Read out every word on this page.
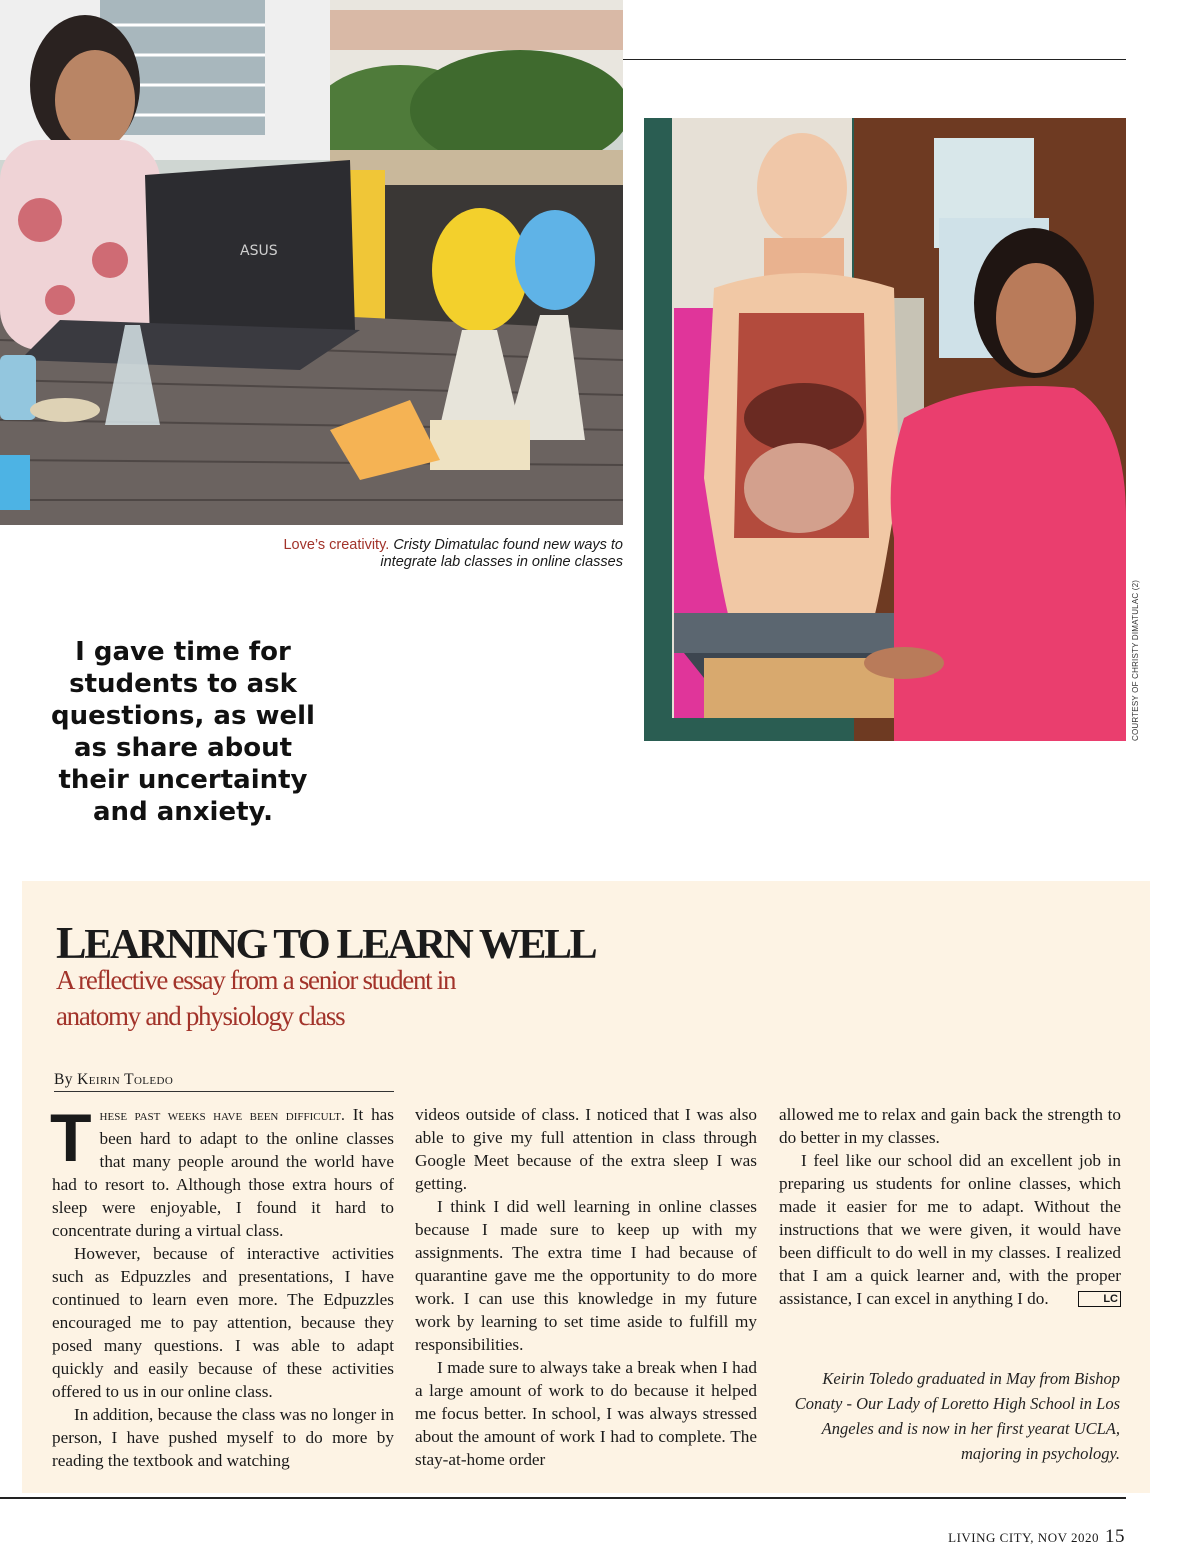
ASUS
Love’s creativity. Cristy Dimatulac found new ways to integrate lab classes in online classes
COURTESY OF CHRISTY DIMATULAC (2)
I gave time for students to ask questions, as well as share about their uncertainty and anxiety.
LEARNING TO LEARN WELL
A reflective essay from a senior student in anatomy and physiology class
By Keirin Toledo

These past weeks have been difficult. It has been hard to adapt to the online classes that many people around the world have had to resort to. Although those extra hours of sleep were enjoyable, I found it hard to concentrate during a virtual class.

However, because of interactive activities such as Edpuzzles and presentations, I have continued to learn even more. The Edpuzzles encouraged me to pay attention, because they posed many questions. I was able to adapt quickly and easily because of these activities offered to us in our online class.

In addition, because the class was no longer in person, I have pushed myself to do more by reading the textbook and watching

videos outside of class. I noticed that I was also able to give my full attention in class through Google Meet because of the extra sleep I was getting.

I think I did well learning in online classes because I made sure to keep up with my assignments. The extra time I had because of quarantine gave me the opportunity to do more work. I can use this knowledge in my future work by learning to set time aside to fulfill my responsibilities.

I made sure to always take a break when I had a large amount of work to do because it helped me focus better. In school, I was always stressed about the amount of work I had to complete. The stay-at-home order

allowed me to relax and gain back the strength to do better in my classes.

I feel like our school did an excellent job in preparing us students for online classes, which made it easier for me to adapt. Without the instructions that we were given, it would have been difficult to do well in my classes. I realized that I am a quick learner and, with the proper assistance, I can excel in anything I do.	LC

Keirin Toledo graduated in May from Bishop Conaty - Our Lady of Loretto High School in Los Angeles and is now in her first yearat UCLA, majoring in psychology.
LIVING CITY, NOV 2020 15
